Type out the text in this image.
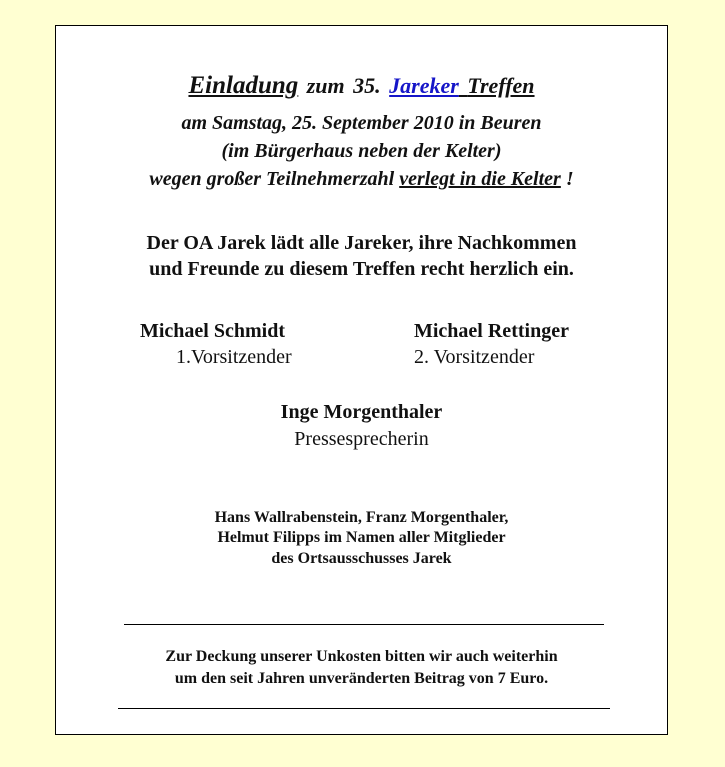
Einladung zum 35. Jareker Treffen
am Samstag, 25. September 2010 in Beuren
(im Bürgerhaus neben der Kelter)
wegen großer Teilnehmerzahl verlegt in die Kelter !
Der OA Jarek lädt alle Jareker, ihre Nachkommen
und Freunde zu diesem Treffen recht herzlich ein.
Michael Schmidt
1.Vorsitzender
Michael Rettinger
2. Vorsitzender
Inge Morgenthaler
Pressesprecherin
Hans Wallrabenstein, Franz Morgenthaler,
Helmut Filipps im Namen aller Mitglieder
des Ortsausschusses Jarek
Zur Deckung unserer Unkosten bitten wir auch weiterhin
um den seit Jahren unveränderten Beitrag von 7 Euro.
